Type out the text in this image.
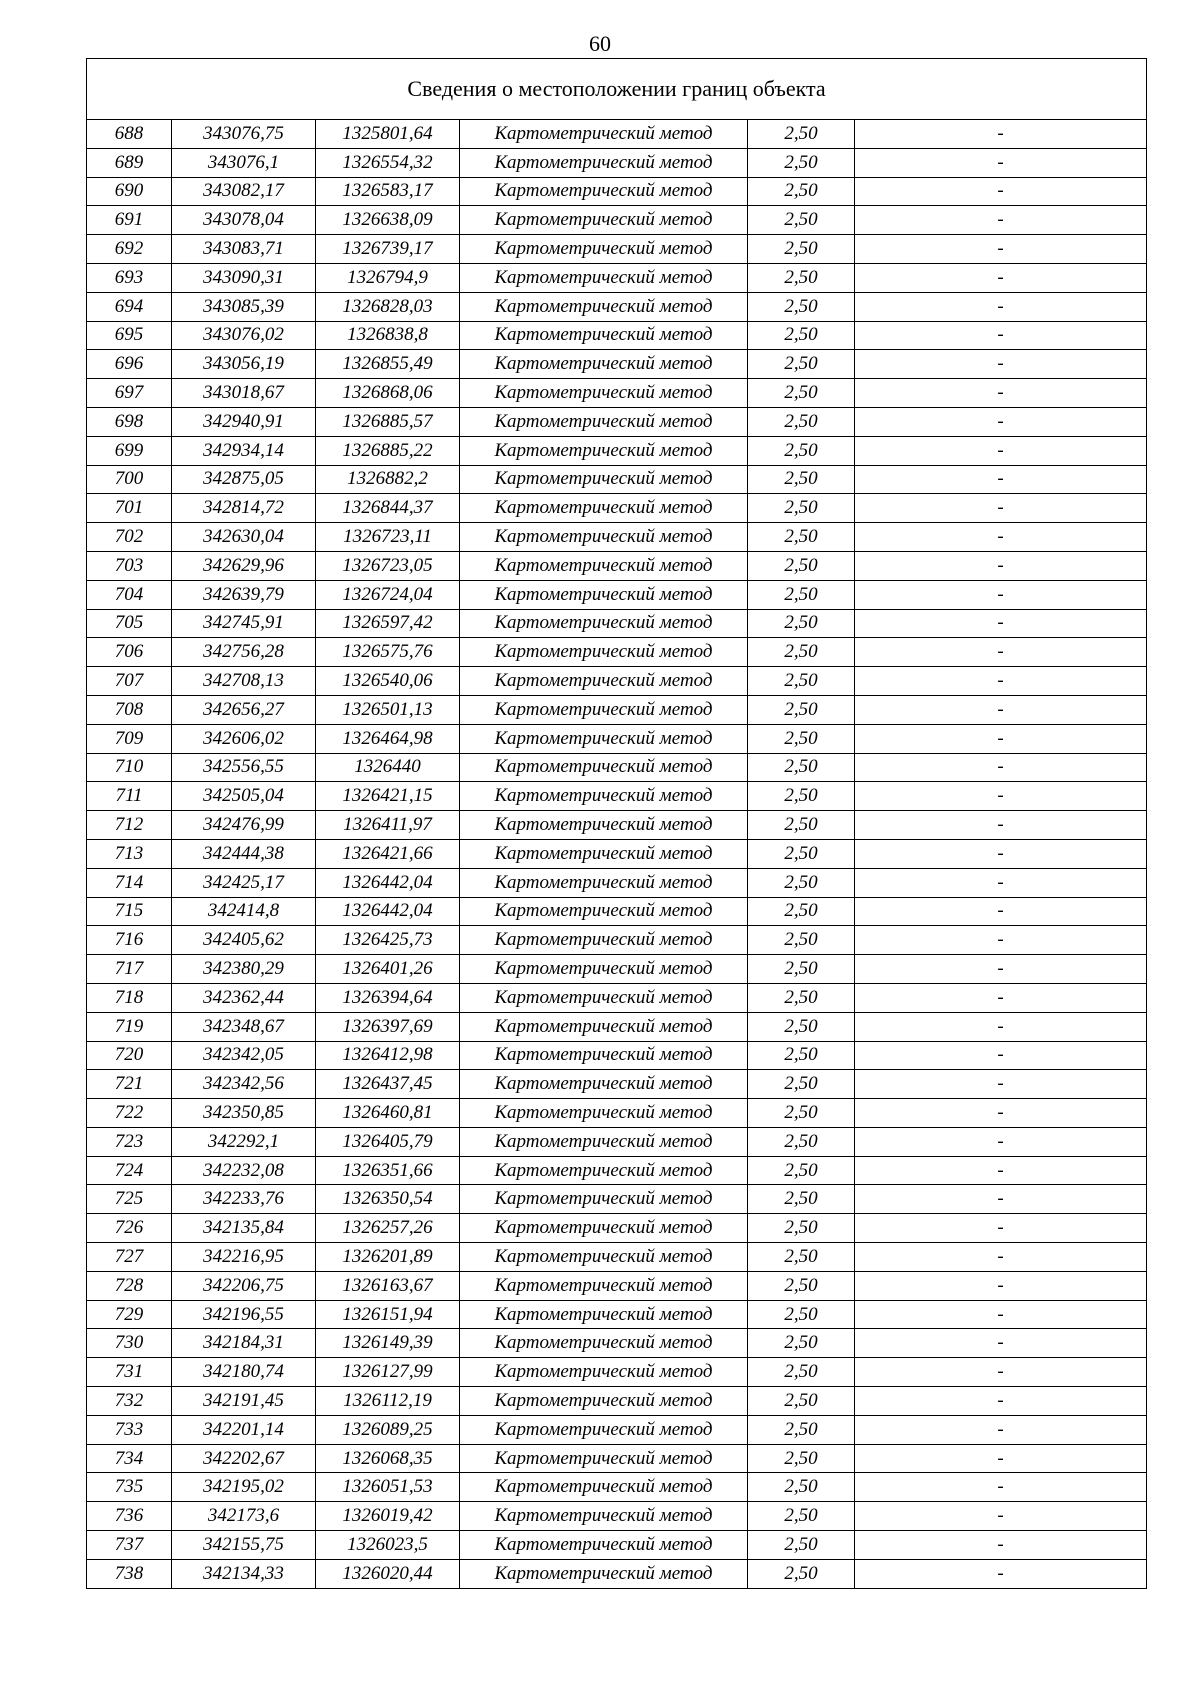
60
Сведения о местоположении границ объекта					
688	343076,75	1325801,64	Картометрический метод	2,50	-
689	343076,1	1326554,32	Картометрический метод	2,50	-
690	343082,17	1326583,17	Картометрический метод	2,50	-
691	343078,04	1326638,09	Картометрический метод	2,50	-
692	343083,71	1326739,17	Картометрический метод	2,50	-
693	343090,31	1326794,9	Картометрический метод	2,50	-
694	343085,39	1326828,03	Картометрический метод	2,50	-
695	343076,02	1326838,8	Картометрический метод	2,50	-
696	343056,19	1326855,49	Картометрический метод	2,50	-
697	343018,67	1326868,06	Картометрический метод	2,50	-
698	342940,91	1326885,57	Картометрический метод	2,50	-
699	342934,14	1326885,22	Картометрический метод	2,50	-
700	342875,05	1326882,2	Картометрический метод	2,50	-
701	342814,72	1326844,37	Картометрический метод	2,50	-
702	342630,04	1326723,11	Картометрический метод	2,50	-
703	342629,96	1326723,05	Картометрический метод	2,50	-
704	342639,79	1326724,04	Картометрический метод	2,50	-
705	342745,91	1326597,42	Картометрический метод	2,50	-
706	342756,28	1326575,76	Картометрический метод	2,50	-
707	342708,13	1326540,06	Картометрический метод	2,50	-
708	342656,27	1326501,13	Картометрический метод	2,50	-
709	342606,02	1326464,98	Картометрический метод	2,50	-
710	342556,55	1326440	Картометрический метод	2,50	-
711	342505,04	1326421,15	Картометрический метод	2,50	-
712	342476,99	1326411,97	Картометрический метод	2,50	-
713	342444,38	1326421,66	Картометрический метод	2,50	-
714	342425,17	1326442,04	Картометрический метод	2,50	-
715	342414,8	1326442,04	Картометрический метод	2,50	-
716	342405,62	1326425,73	Картометрический метод	2,50	-
717	342380,29	1326401,26	Картометрический метод	2,50	-
718	342362,44	1326394,64	Картометрический метод	2,50	-
719	342348,67	1326397,69	Картометрический метод	2,50	-
720	342342,05	1326412,98	Картометрический метод	2,50	-
721	342342,56	1326437,45	Картометрический метод	2,50	-
722	342350,85	1326460,81	Картометрический метод	2,50	-
723	342292,1	1326405,79	Картометрический метод	2,50	-
724	342232,08	1326351,66	Картометрический метод	2,50	-
725	342233,76	1326350,54	Картометрический метод	2,50	-
726	342135,84	1326257,26	Картометрический метод	2,50	-
727	342216,95	1326201,89	Картометрический метод	2,50	-
728	342206,75	1326163,67	Картометрический метод	2,50	-
729	342196,55	1326151,94	Картометрический метод	2,50	-
730	342184,31	1326149,39	Картометрический метод	2,50	-
731	342180,74	1326127,99	Картометрический метод	2,50	-
732	342191,45	1326112,19	Картометрический метод	2,50	-
733	342201,14	1326089,25	Картометрический метод	2,50	-
734	342202,67	1326068,35	Картометрический метод	2,50	-
735	342195,02	1326051,53	Картометрический метод	2,50	-
736	342173,6	1326019,42	Картометрический метод	2,50	-
737	342155,75	1326023,5	Картометрический метод	2,50	-
738	342134,33	1326020,44	Картометрический метод	2,50	-
